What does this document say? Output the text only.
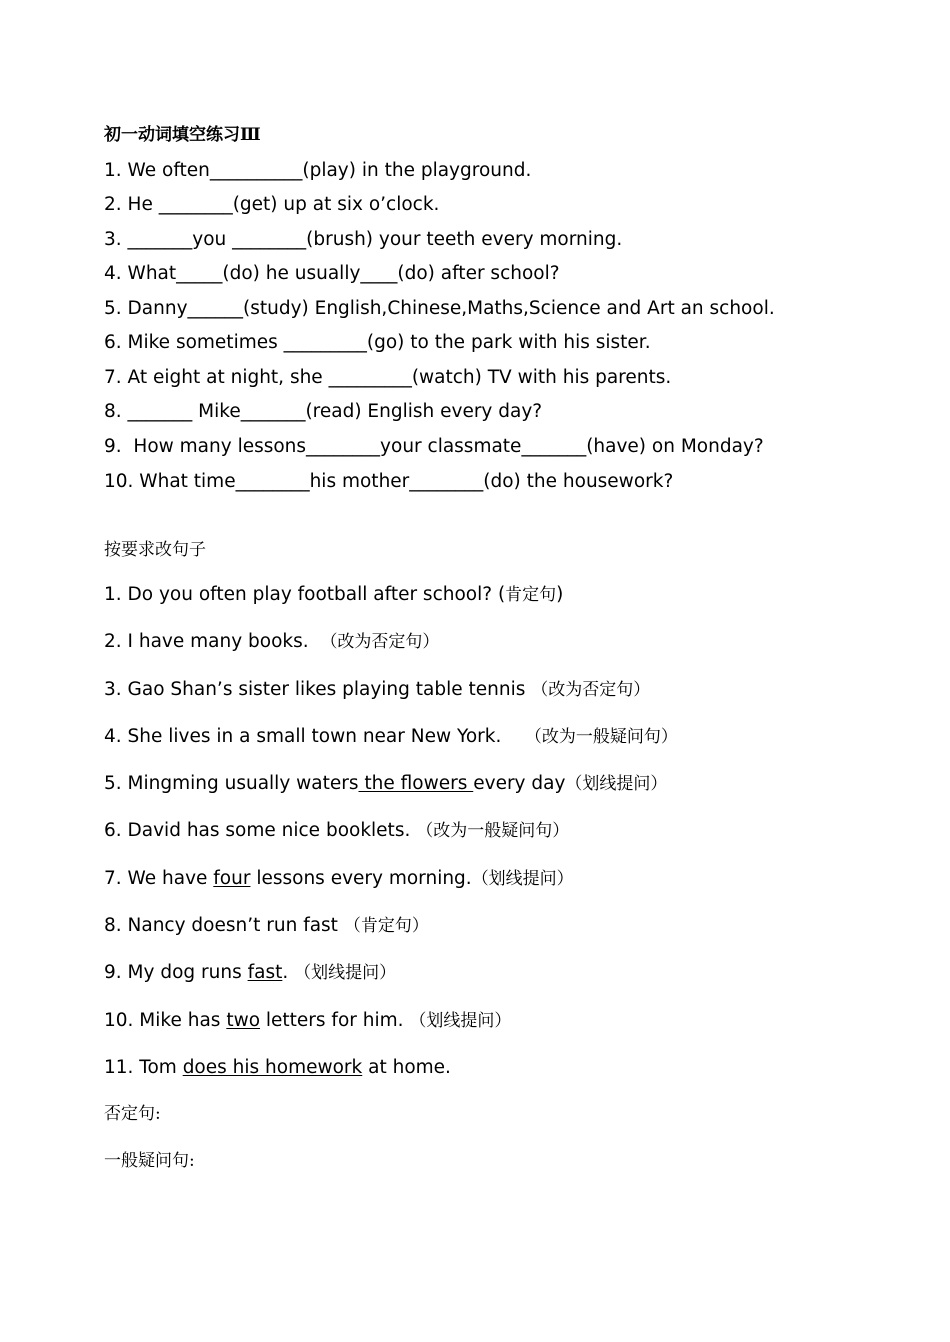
初一动词填空练习Ⅲ
1. We often__________(play) in the playground.
2. He ________(get) up at six o’clock.
3. _______you ________(brush) your teeth every morning.
4. What_____(do) he usually____(do) after school?
5. Danny______(study) English,Chinese,Maths,Science and Art an school.
6. Mike sometimes _________(go) to the park with his sister.
7. At eight at night, she _________(watch) TV with his parents.
8. _______ Mike_______(read) English every day?
9.  How many lessons________your classmate_______(have) on Monday?
10. What time________his mother________(do) the housework?
按要求改句子
1. Do you often play football after school? (肯定句)
2. I have many books.  （改为否定句）
3. Gao Shan’s sister likes playing table tennis （改为否定句）
4. She lives in a small town near New York.    （改为一般疑问句）
5. Mingming usually waters the flowers every day（划线提问）
6. David has some nice booklets. （改为一般疑问句）
7. We have four lessons every morning.（划线提问）
8. Nancy doesn’t run fast （肯定句）
9. My dog runs fast. （划线提问）
10. Mike has two letters for him. （划线提问）
11. Tom does his homework at home.
否定句:
一般疑问句:
